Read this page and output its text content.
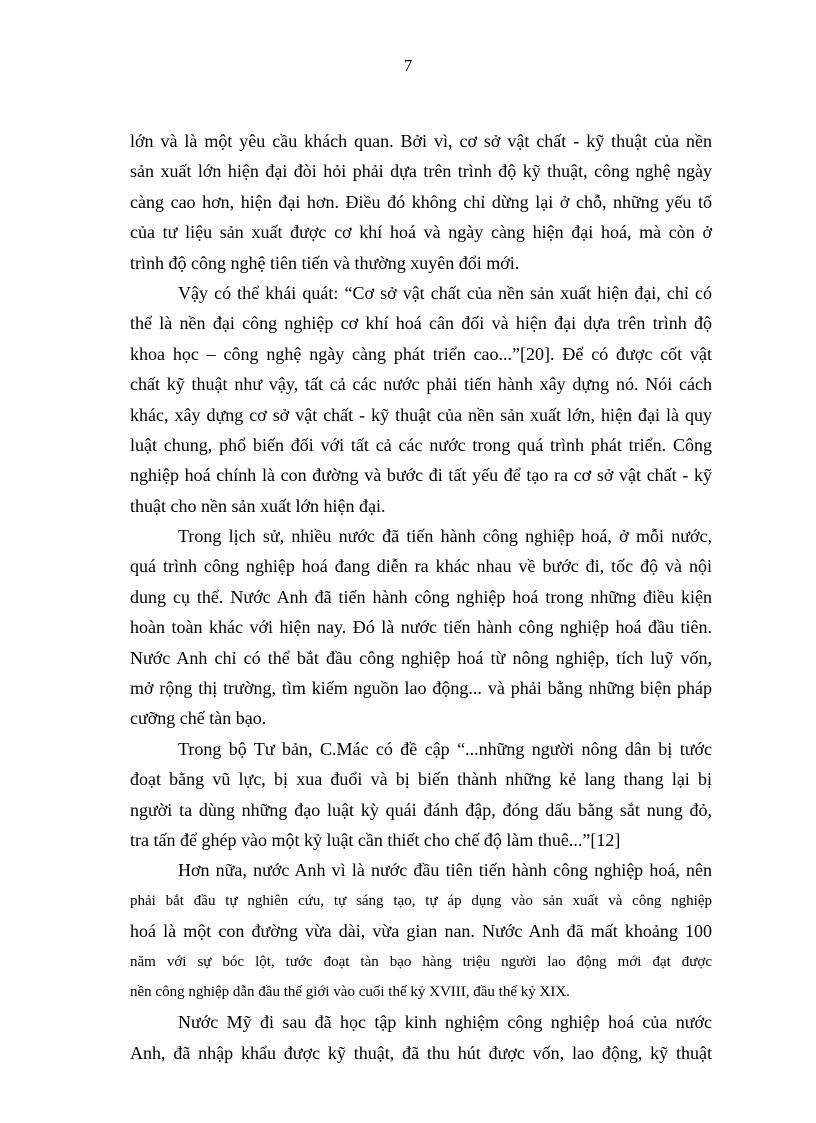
7
lớn và là một yêu cầu khách quan. Bởi vì, cơ sở vật chất - kỹ thuật của nền
sản xuất lớn hiện đại đòi hỏi phải dựa trên trình độ kỹ thuật, công nghệ ngày
càng cao hơn, hiện đại hơn. Điều đó không chỉ dừng lại ở chỗ, những yếu tố
của tư liệu sản xuất được cơ khí hoá và ngày càng hiện đại hoá, mà còn ở
trình độ công nghệ tiên tiến và thường xuyên đổi mới.
Vậy có thể khái quát: “Cơ sở vật chất của nền sản xuất hiện đại, chỉ có
thể là nền đại công nghiệp cơ khí hoá cân đối và hiện đại dựa trên trình độ
khoa học – công nghệ ngày càng phát triển cao...”[20]. Để có được cốt vật
chất kỹ thuật như vậy, tất cả các nước phải tiến hành xây dựng nó. Nói cách
khác, xây dựng cơ sở vật chất - kỹ thuật của nền sản xuất lớn, hiện đại là quy
luật chung, phổ biến đối với tất cả các nước trong quá trình phát triển. Công
nghiệp hoá chính là con đường và bước đi tất yếu để tạo ra cơ sở vật chất - kỹ
thuật cho nền sản xuất lớn hiện đại.
Trong lịch sử, nhiều nước đã tiến hành công nghiệp hoá, ở mỗi nước,
quá trình công nghiệp hoá đang diễn ra khác nhau về bước đi, tốc độ và nội
dung cụ thể. Nước Anh đã tiến hành công nghiệp hoá trong những điều kiện
hoàn toàn khác với hiện nay. Đó là nước tiến hành công nghiệp hoá đầu tiên.
Nước Anh chỉ có thể bắt đầu công nghiệp hoá từ nông nghiệp, tích luỹ vốn,
mở rộng thị trường, tìm kiếm nguồn lao động... và phải bằng những biện pháp
cưỡng chế tàn bạo.
Trong bộ Tư bản, C.Mác có đề cập “...những người nông dân bị tước
đoạt bằng vũ lực, bị xua đuổi và bị biến thành những kẻ lang thang lại bị
người ta dùng những đạo luật kỳ quái đánh đập, đóng dấu bằng sắt nung đỏ,
tra tấn để ghép vào một kỷ luật cần thiết cho chế độ làm thuê...”[12]
Hơn nữa, nước Anh vì là nước đầu tiên tiến hành công nghiệp hoá, nên
phải bắt đầu tự nghiên cứu, tự sáng tạo, tự áp dụng vào sản xuất và công nghiệp
hoá là một con đường vừa dài, vừa gian nan. Nước Anh đã mất khoảng 100
năm với sự bóc lột, tước đoạt tàn bạo hàng triệu người lao động mới đạt được
nền công nghiệp dẫn đầu thế giới vào cuối thế kỷ XVIII, đầu thế kỷ XIX.
Nước Mỹ đi sau đã học tập kinh nghiệm công nghiệp hoá của nước
Anh, đã nhập khẩu được kỹ thuật, đã thu hút được vốn, lao động, kỹ thuật
